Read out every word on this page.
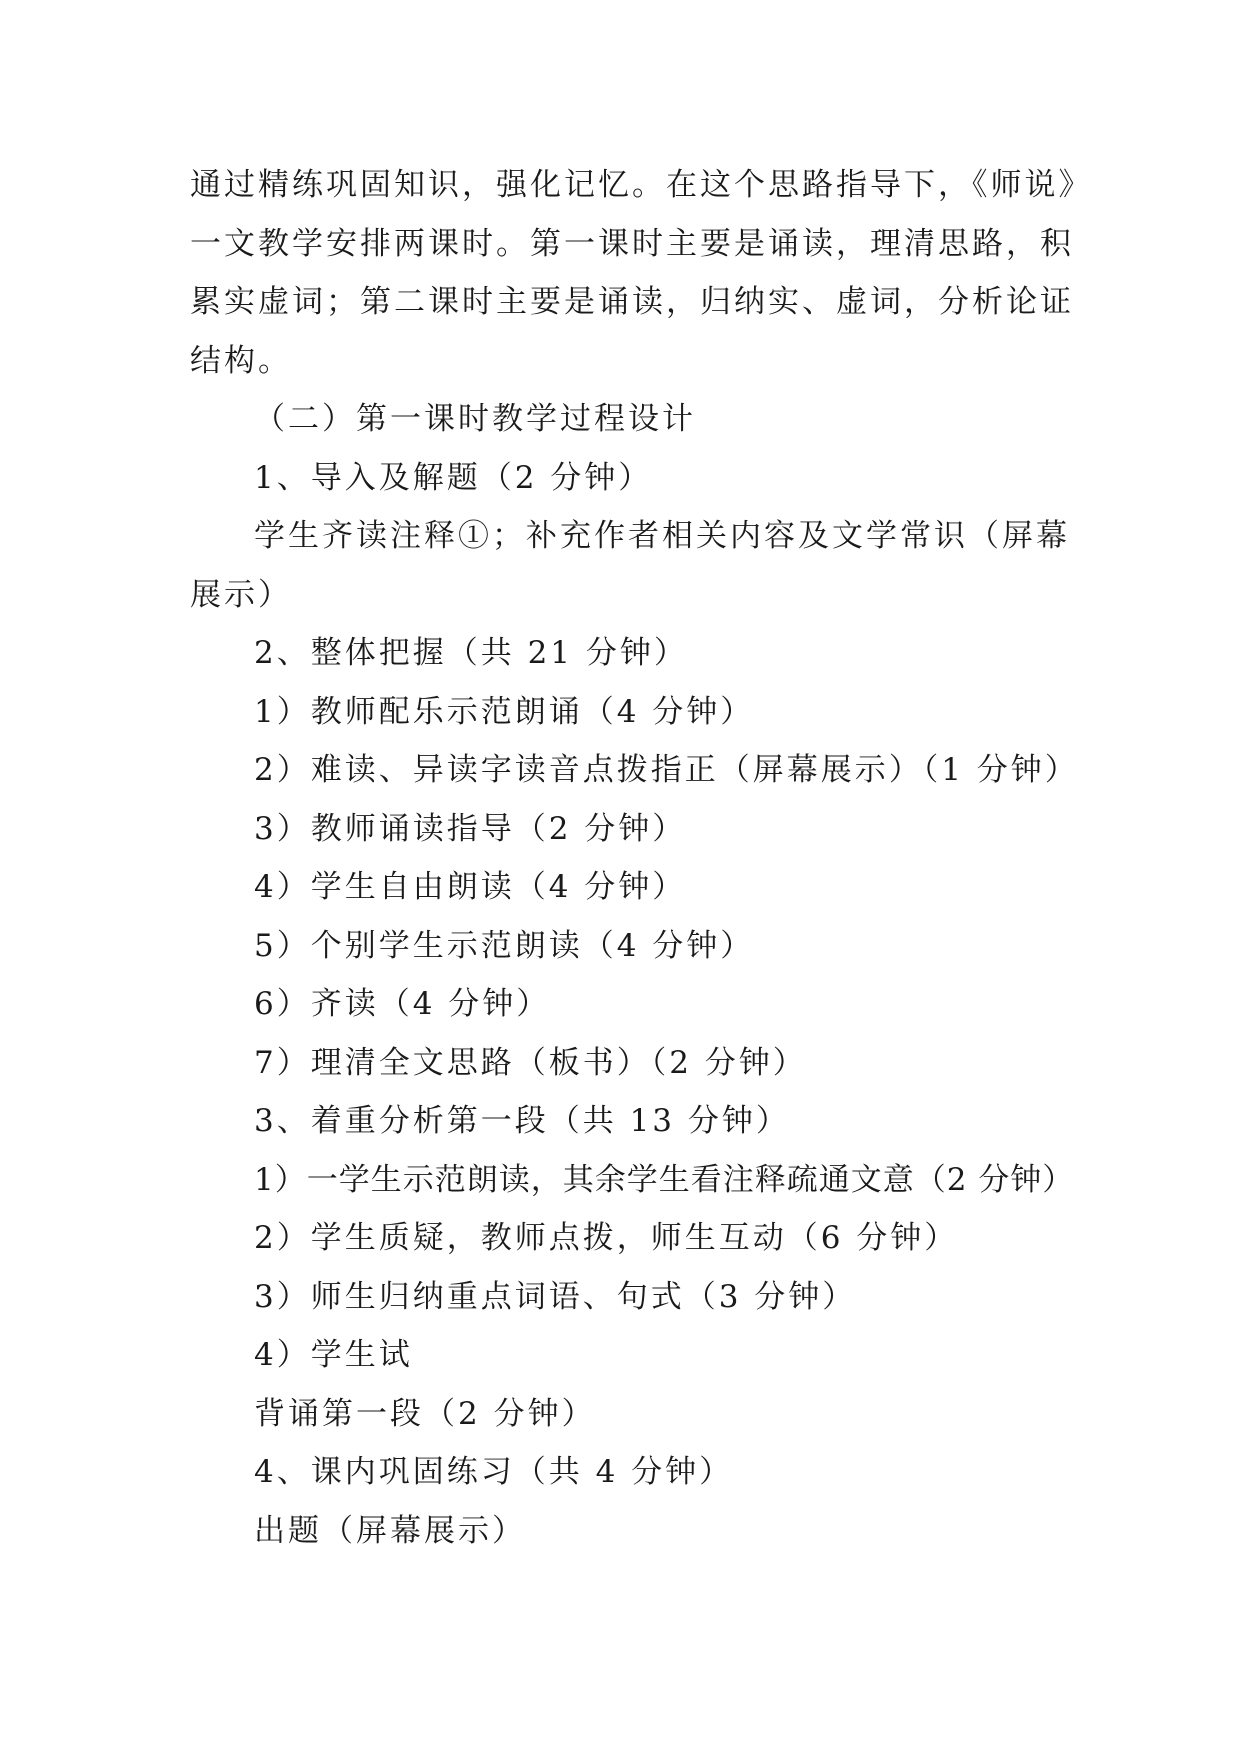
通过精练巩固知识，强化记忆。在这个思路指导下，《师说》
一文教学安排两课时。第一课时主要是诵读，理清思路，积
累实虚词；第二课时主要是诵读，归纳实、虚词，分析论证
结构。
（二）第一课时教学过程设计
1、导入及解题（2 分钟）
学生齐读注释①；补充作者相关内容及文学常识（屏幕
展示）
2、整体把握（共 21 分钟）
1）教师配乐示范朗诵（4 分钟）
2）难读、异读字读音点拨指正（屏幕展示）（1 分钟）
3）教师诵读指导（2 分钟）
4）学生自由朗读（4 分钟）
5）个别学生示范朗读（4 分钟）
6）齐读（4 分钟）
7）理清全文思路（板书）（2 分钟）
3、着重分析第一段（共 13 分钟）
1）一学生示范朗读，其余学生看注释疏通文意（2 分钟）
2）学生质疑，教师点拨，师生互动（6 分钟）
3）师生归纳重点词语、句式（3 分钟）
4）学生试
背诵第一段（2 分钟）
4、课内巩固练习（共 4 分钟）
出题（屏幕展示）
